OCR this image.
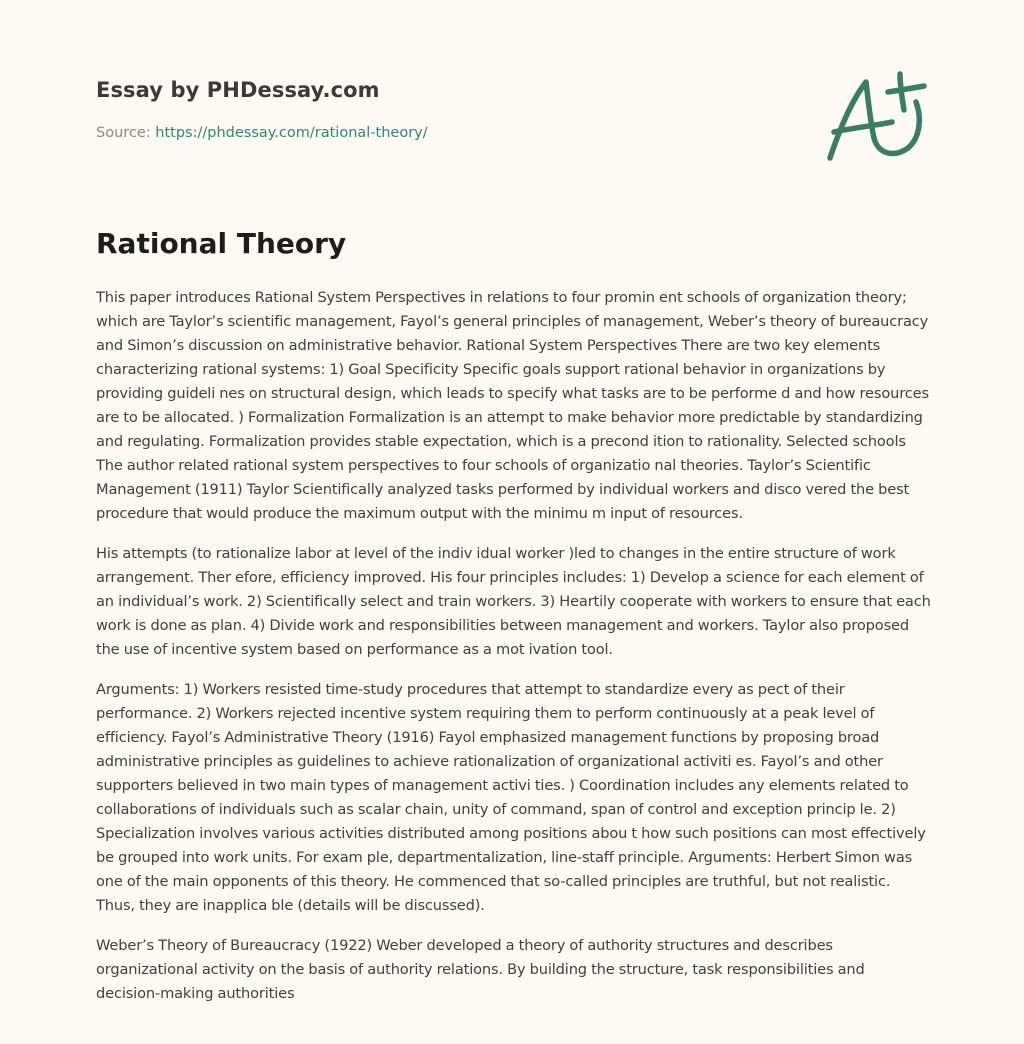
Essay by PHDessay.com
Source: https://phdessay.com/rational-theory/
Rational Theory

This paper introduces Rational System Perspectives in relations to four promin ent schools of organization theory; which are Taylor’s scientific management, Fayol’s general principles of management, Weber’s theory of bureaucracy and Simon’s discussion on administrative behavior. Rational System Perspectives There are two key elements characterizing rational systems: 1) Goal Specificity Specific goals support rational behavior in organizations by providing guideli nes on structural design, which leads to specify what tasks are to be performe d and how resources are to be allocated. ) Formalization Formalization is an attempt to make behavior more predictable by standardizing and regulating. Formalization provides stable expectation, which is a precond ition to rationality. Selected schools The author related rational system perspectives to four schools of organizatio nal theories. Taylor’s Scientific Management (1911) Taylor Scientifically analyzed tasks performed by individual workers and disco vered the best procedure that would produce the maximum output with the minimu m input of resources.

His attempts (to rationalize labor at level of the indiv idual worker )led to changes in the entire structure of work arrangement. Ther efore, efficiency improved. His four principles includes: 1) Develop a science for each element of an individual’s work. 2) Scientifically select and train workers. 3) Heartily cooperate with workers to ensure that each work is done as plan. 4) Divide work and responsibilities between management and workers. Taylor also proposed the use of incentive system based on performance as a mot ivation tool.

Arguments: 1) Workers resisted time-study procedures that attempt to standardize every as pect of their performance. 2) Workers rejected incentive system requiring them to perform continuously at a peak level of efficiency. Fayol’s Administrative Theory (1916) Fayol emphasized management functions by proposing broad administrative principles as guidelines to achieve rationalization of organizational activiti es. Fayol’s and other supporters believed in two main types of management activi ties. ) Coordination includes any elements related to collaborations of individuals such as scalar chain, unity of command, span of control and exception princip le. 2) Specialization involves various activities distributed among positions abou t how such positions can most effectively be grouped into work units. For exam ple, departmentalization, line-staff principle. Arguments: Herbert Simon was one of the main opponents of this theory. He commenced that so-called principles are truthful, but not realistic. Thus, they are inapplica ble (details will be discussed).

Weber’s Theory of Bureaucracy (1922) Weber developed a theory of authority structures and describes organizational activity on the basis of authority relations. By building the structure, task responsibilities and decision-making authorities
